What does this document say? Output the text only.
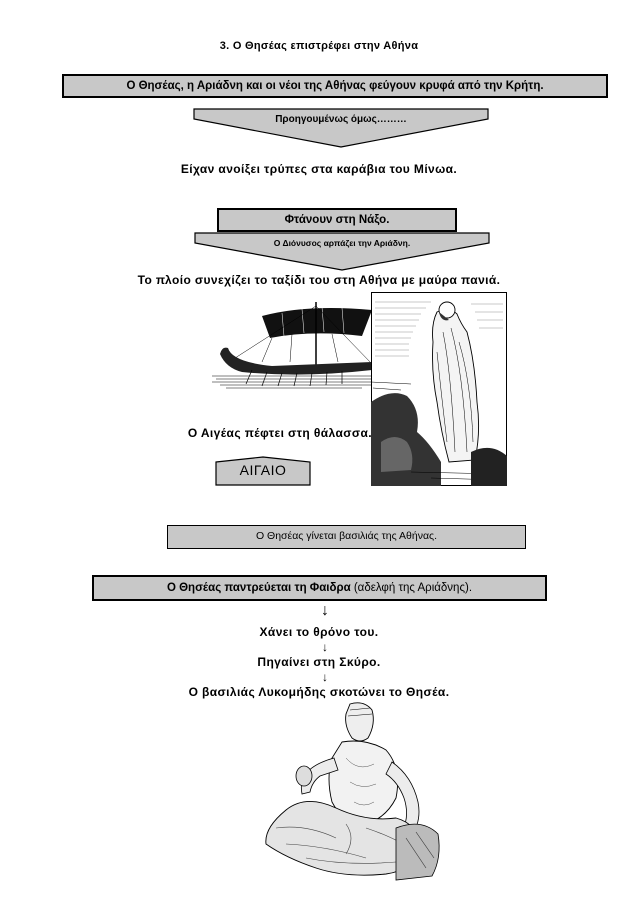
3. Ο Θησέας επιστρέφει στην Αθήνα
Ο Θησέας, η Αριάδνη και οι νέοι της Αθήνας φεύγουν κρυφά από την Κρήτη.
Προηγουμένως όμως………
Είχαν ανοίξει τρύπες στα καράβια του Μίνωα.
Φτάνουν στη Νάξο.
Ο Διόνυσος αρπάζει την Αριάδνη.
Το πλοίο συνεχίζει το ταξίδι του στη Αθήνα με μαύρα πανιά.
Ο Αιγέας πέφτει στη θάλασσα.
ΑΙΓΑΙΟ
Ο Θησέας γίνεται βασιλιάς της Αθήνας.
Ο Θησέας παντρεύεται τη Φαιδρα (αδελφή της Αριάδνης).
↓
Χάνει το θρόνο του.
↓
Πηγαίνει στη Σκύρο.
↓
Ο βασιλιάς Λυκομήδης σκοτώνει το Θησέα.
